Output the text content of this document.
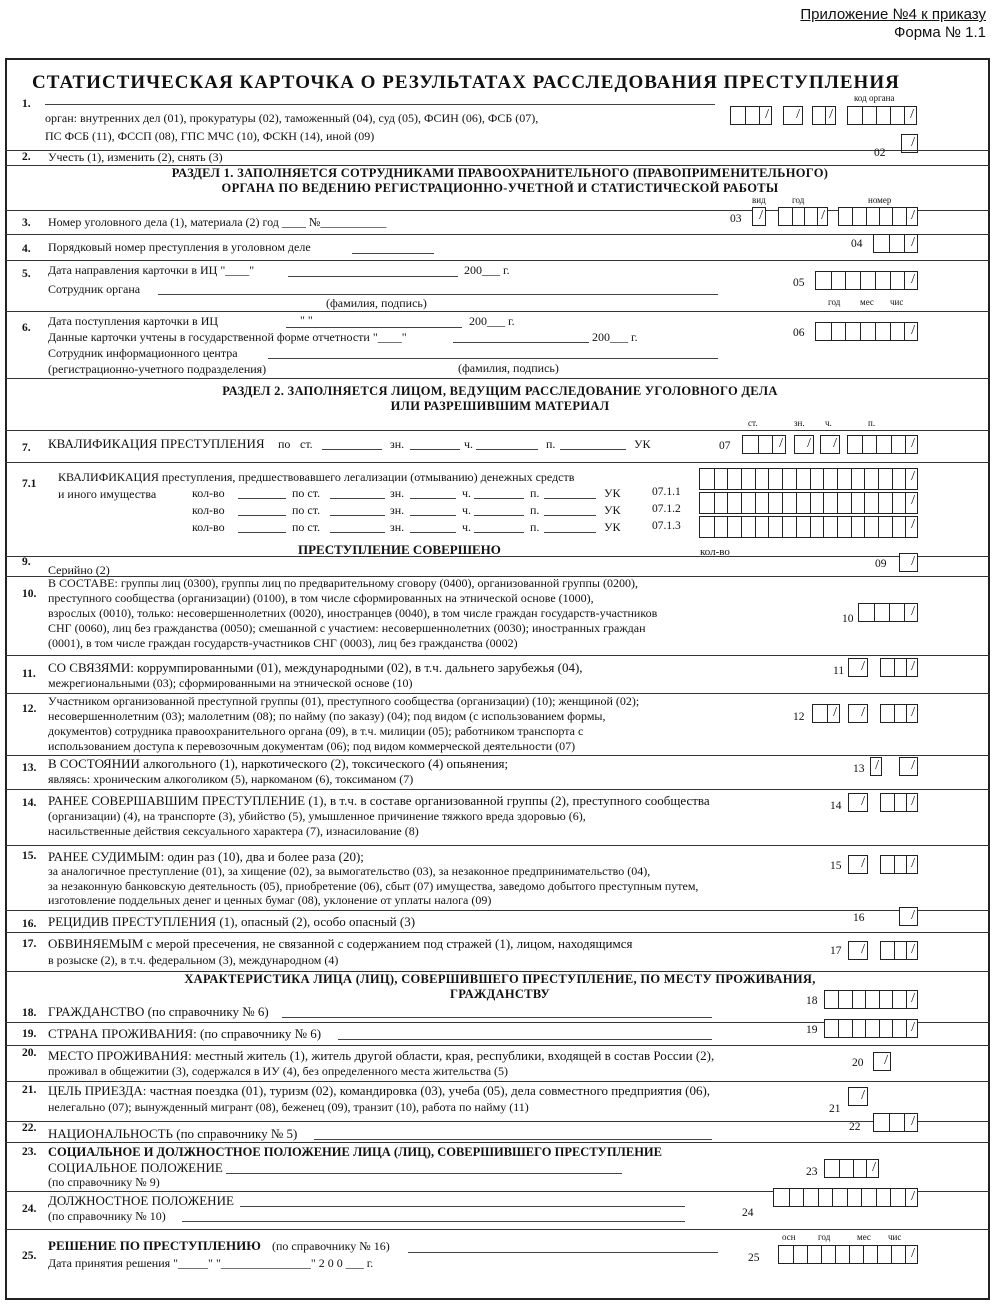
Приложение №4 к приказу
Форма № 1.1
СТАТИСТИЧЕСКАЯ КАРТОЧКА О РЕЗУЛЬТАТАХ РАССЛЕДОВАНИЯ ПРЕСТУПЛЕНИЯ
1.
орган: внутренних дел (01), прокуратуры (02), таможенный (04), суд (05), ФСИН (06), ФСБ (07),
ПС ФСБ (11), ФССП (08), ГПС МЧС (10), ФСКН (14), иной (09)
код органа
/ / /	/
/
2. Учесть (1), изменить (2), снять (3)	02
РАЗДЕЛ 1. ЗАПОЛНЯЕТСЯ СОТРУДНИКАМИ ПРАВООХРАНИТЕЛЬНОГО (ПРАВОПРИМЕНИТЕЛЬНОГО)
ОРГАНА ПО ВЕДЕНИЮ РЕГИСТРАЦИОННО-УЧЕТНОЙ И СТАТИСТИЧЕСКОЙ РАБОТЫ
вид	год	номер
3. Номер уголовного дела (1), материала (2) год ____ №___________	03 /	/	/
4. Порядковый номер преступления в уголовном деле	04	/
5. Дата направления карточки в ИЦ "____"	200___ г.
Сотрудник органа
(фамилия, подпись)
05	/
год мес чис
6. Дата поступления карточки в ИЦ	" "	200___ г.
Данные карточки учтены в государственной форме отчетности "____"	200___ г.
Сотрудник информационного центра
(регистрационно-учетного подразделения)	(фамилия, подпись)
06	/
РАЗДЕЛ 2. ЗАПОЛНЯЕТСЯ ЛИЦОМ, ВЕДУЩИМ РАССЛЕДОВАНИЕ УГОЛОВНОГО ДЕЛА
ИЛИ РАЗРЕШИВШИМ МАТЕРИАЛ
ст.	зн. ч.	п.
7. КВАЛИФИКАЦИЯ ПРЕСТУПЛЕНИЯ по ст.	зн.	ч.	п.	УК	07	/ / /	/
7.1 КВАЛИФИКАЦИЯ преступления, предшествовавшего легализации (отмыванию) денежных средств
и иного имущества	кол-во	по ст.	зн.	ч.	п.	УК
кол-во	по ст.	зн.	ч.	п.	УК
кол-во	по ст.	зн.	ч.	п.	УК
07.1.1
07.1.2
07.1.3
/
/
/
кол-во
ПРЕСТУПЛЕНИЕ СОВЕРШЕНО
9.
Серийно (2)	09 /
10.
В СОСТАВЕ: группы лиц (0300), группы лиц по предварительному сговору (0400), организованной группы (0200),
преступного сообщества (организации) (0100), в том числе сформированных на этнической основе (1000),
взрослых (0010), только: несовершеннолетних (0020), иностранцев (0040), в том числе граждан государств-участников
СНГ (0060), лиц без гражданства (0050); смешанной с участием: несовершеннолетних (0030); иностранных граждан
(0001), в том числе граждан государств-участников СНГ (0003), лиц без гражданства (0002)
10	/
11. СО СВЯЗЯМИ: коррумпированными (01), международными (02), в т.ч. дальнего зарубежья (04),
межрегиональными (03); сформированными на этнической основе (10)
11 /	/
12.
Участником организованной преступной группы (01), преступного сообщества (организации) (10); женщиной (02);
несовершеннолетним (03); малолетним (08); по найму (по заказу) (04); под видом (с использованием формы,
документов) сотрудника правоохранительного органа (09), в т.ч. милиции (05); работником транспорта с
использованием доступа к перевозочным документам (06); под видом коммерческой деятельности (07)
12 / /	/
13. В СОСТОЯНИИ алкогольного (1), наркотического (2), токсического (4) опьянения;
являясь: хроническим алкоголиком (5), наркоманом (6), токсиманом (7)
13 / /
14. РАНЕЕ СОВЕРШАВШИМ ПРЕСТУПЛЕНИЕ (1), в т.ч. в составе организованной группы (2), преступного сообщества
(организации) (4), на транспорте (3), убийство (5), умышленное причинение тяжкого вреда здоровью (6),
насильственные действия сексуального характера (7), изнасилование (8)
14 /	/
15. РАНЕЕ СУДИМЫМ: один раз (10), два и более раза (20);
за аналогичное преступление (01), за хищение (02), за вымогательство (03), за незаконное предпринимательство (04),
за незаконную банковскую деятельность (05), приобретение (06), сбыт (07) имущества, заведомо добытого преступным путем,
изготовление поддельных денег и ценных бумаг (08), уклонение от уплаты налога (09)
15 /	/
16. РЕЦИДИВ ПРЕСТУПЛЕНИЯ (1), опасный (2), особо опасный (3)	16	/
17. ОБВИНЯЕМЫМ с мерой пресечения, не связанной с содержанием под стражей (1), лицом, находящимся
в розыске (2), в т.ч. федеральном (3), международном (4)
17 /	/
ХАРАКТЕРИСТИКА ЛИЦА (ЛИЦ), СОВЕРШИВШЕГО ПРЕСТУПЛЕНИЕ, ПО МЕСТУ ПРОЖИВАНИЯ,
ГРАЖДАНСТВУ
18. ГРАЖДАНСТВО (по справочнику № 6)
18	/
19. СТРАНА ПРОЖИВАНИЯ: (по справочнику № 6)	19	/
20. МЕСТО ПРОЖИВАНИЯ: местный житель (1), житель другой области, края, республики, входящей в состав России (2),
проживал в общежитии (3), содержался в ИУ (4), без определенного места жительства (5)
20 /
21. ЦЕЛЬ ПРИЕЗДА: частная поездка (01), туризм (02), командировка (03), учеба (05), дела совместного предприятия (06),
нелегально (07); вынужденный мигрант (08), беженец (09), транзит (10), работа по найму (11)	21
/
22. НАЦИОНАЛЬНОСТЬ (по справочнику № 5)	22	/
23. СОЦИАЛЬНОЕ И ДОЛЖНОСТНОЕ ПОЛОЖЕНИЕ ЛИЦА (ЛИЦ), СОВЕРШИВШЕГО ПРЕСТУПЛЕНИЕ
СОЦИАЛЬНОЕ ПОЛОЖЕНИЕ
(по справочнику № 9)
23	/
24.
ДОЛЖНОСТНОЕ ПОЛОЖЕНИЕ
(по справочнику № 10)	24
/
25.
РЕШЕНИЕ ПО ПРЕСТУПЛЕНИЮ (по справочнику № 16)
Дата принятия решения "_____" "_______________" 2 0 0 ___ г.
осн год	мес чис
25	/
